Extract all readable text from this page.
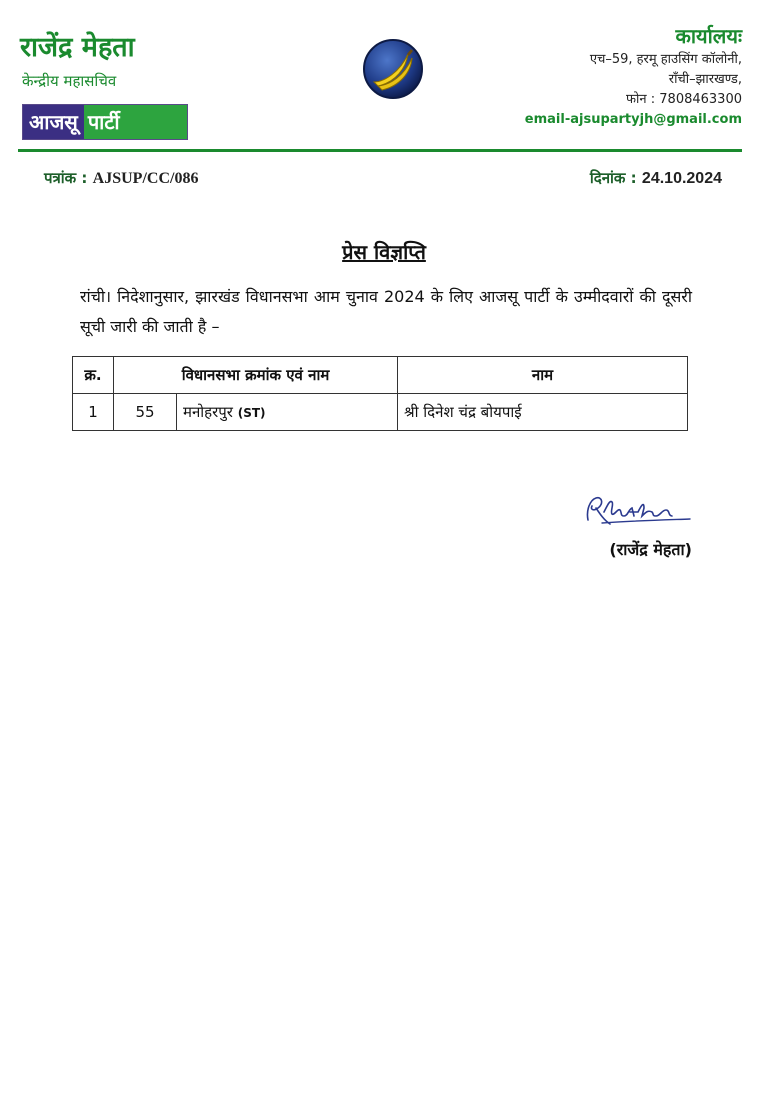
राजेंद्र मेहता
केन्द्रीय महासचिव
आजसू पार्टी
कार्यालयः
एच–59, हरमू हाउसिंग कॉलोनी,
राँची–झारखण्ड,
फोन : 7808463300
email-ajsupartyjh@gmail.com
पत्रांक : AJSUP/CC/086	दिनांक : 24.10.2024
प्रेस विज्ञप्ति
रांची। निदेशानुसार, झारखंड विधानसभा आम चुनाव 2024 के लिए आजसू पार्टी के उम्मीदवारों की दूसरी सूची जारी की जाती है –
क्र.	विधानसभा क्रमांक एवं नाम		नाम
1	55	मनोहरपुर (ST)	श्री दिनेश चंद्र बोयपाई
(राजेंद्र मेहता)
